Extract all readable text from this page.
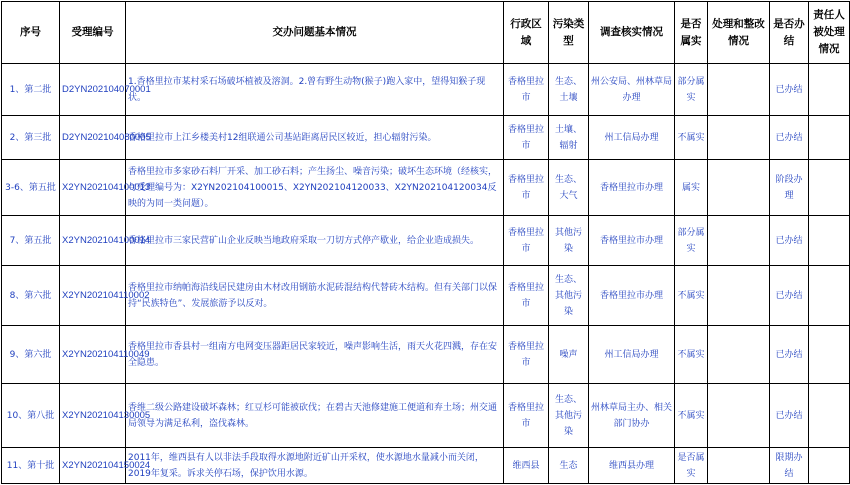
序号	受理编号	交办问题基本情况	行政区域	污染类型	调查核实情况	是否属实	处理和整改情况	是否办结	责任人被处理情况
1、第二批	D2YN202104070001	1.香格里拉市某村采石场破坏植被及溶洞。2.曾有野生动物(猴子)跑入家中，望得知猴子现状。	香格里拉市	生态、土壤	州公安局、州林草局办理	部分属实		已办结	
2、第三批	D2YN202104080005	香格里拉市上江乡楼美村12组联通公司基站距离居民区较近，担心辐射污染。	香格里拉市	土壤、辐射	州工信局办理	不属实		已办结	
3-6、第五批	X2YN202104100013	香格里拉市多家砂石料厂开采、加工砂石料；产生扬尘、噪音污染；破坏生态环境（经核实，与受理编号为：X2YN202104100015、X2YN202104120033、X2YN202104120034反映的为同一类问题）。	香格里拉市	生态、大气	香格里拉市办理	属实		阶段办理	
7、第五批	X2YN202104100014	香格里拉市三家民营矿山企业反映当地政府采取一刀切方式停产歇业，给企业造成损失。	香格里拉市	其他污染	香格里拉市办理	部分属实		已办结	
8、第六批	X2YN202104110002	香格里拉市纳帕海沿线居民建房由木材改用钢筋水泥砖混结构代替砖木结构。但有关部门以保持“民族特色”、发展旅游予以反对。	香格里拉市	生态、其他污染	香格里拉市办理	不属实		已办结	
9、第六批	X2YN202104110049	香格里拉市香县村一组南方电网变压器距居民家较近，噪声影响生活，雨天火花四溅，存在安全隐患。	香格里拉市	噪声	州工信局办理	不属实		已办结	
10、第八批	X2YN202104130005	香维二级公路建设破坏森林；红豆杉可能被砍伐；在碧古天池修建施工便道和弃土场；州交通局领导为满足私利，盗伐森林。	香格里拉市	生态、其他污染	州林草局主办、相关部门协办	不属实		已办结	
11、第十批	X2YN202104150024	2011年，维西县有人以非法手段取得水源地附近矿山开采权，使水源地水量减小而关闭，2019年复采。诉求关停石场，保护饮用水源。	维西县	生态	维西县办理	是否属实		限期办结	
